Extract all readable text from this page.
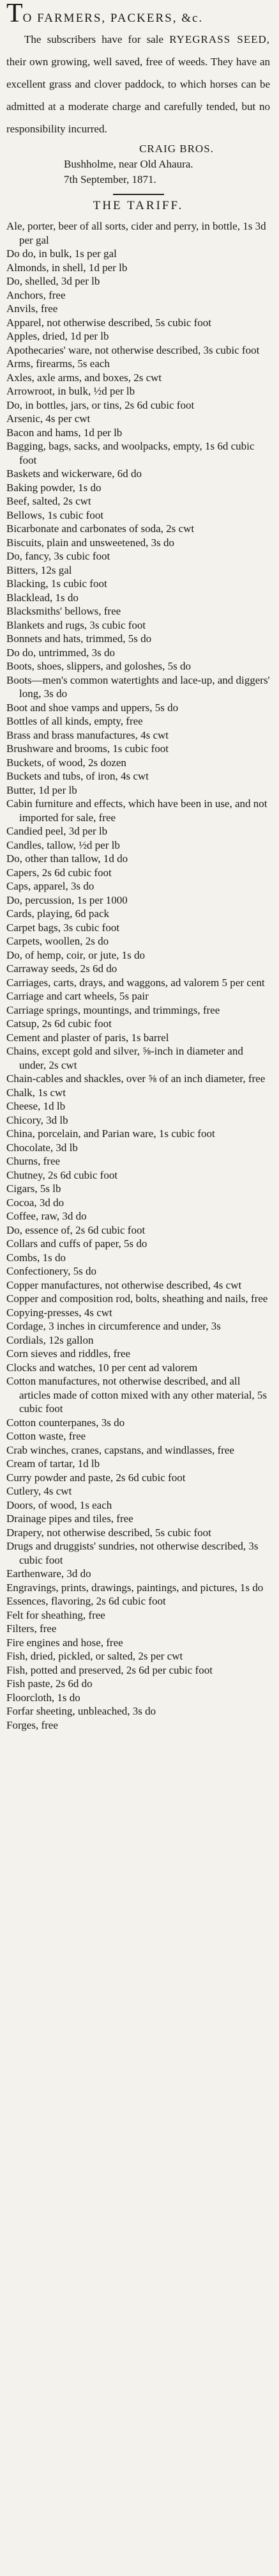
TO FARMERS, PACKERS, &c.

The subscribers have for sale RYEGRASS SEED, their own growing, well saved, free of weeds. They have an excellent grass and clover paddock, to which horses can be admitted at a moderate charge and carefully tended, but no responsibility incurred.

CRAIG BROS.
Bushholme, near Old Ahaura.
7th September, 1871.
THE TARIFF.
Ale, porter, beer of all sorts, cider and perry, in bottle, 1s 3d per gal
Do do, in bulk, 1s per gal
Almonds, in shell, 1d per lb
Do, shelled, 3d per lb
Anchors, free
Anvils, free
Apparel, not otherwise described, 5s cubic foot
Apples, dried, 1d per lb
Apothecaries' ware, not otherwise described, 3s cubic foot
Arms, firearms, 5s each
Axles, axle arms, and boxes, 2s cwt
Arrowroot, in bulk, ½d per lb
Do, in bottles, jars, or tins, 2s 6d cubic foot
Arsenic, 4s per cwt
Bacon and hams, 1d per lb
Bagging, bags, sacks, and woolpacks, empty, 1s 6d cubic foot
Baskets and wickerware, 6d do
Baking powder, 1s do
Beef, salted, 2s cwt
Bellows, 1s cubic foot
Bicarbonate and carbonates of soda, 2s cwt
Biscuits, plain and unsweetened, 3s do
Do, fancy, 3s cubic foot
Bitters, 12s gal
Blacking, 1s cubic foot
Blacklead, 1s do
Blacksmiths' bellows, free
Blankets and rugs, 3s cubic foot
Bonnets and hats, trimmed, 5s do
Do do, untrimmed, 3s do
Boots, shoes, slippers, and goloshes, 5s do
Boots—men's common watertights and lace-up, and diggers' long, 3s do
Boot and shoe vamps and uppers, 5s do
Bottles of all kinds, empty, free
Brass and brass manufactures, 4s cwt
Brushware and brooms, 1s cubic foot
Buckets, of wood, 2s dozen
Buckets and tubs, of iron, 4s cwt
Butter, 1d per lb
Cabin furniture and effects, which have been in use, and not imported for sale, free
Candied peel, 3d per lb
Candles, tallow, ½d per lb
Do, other than tallow, 1d do
Capers, 2s 6d cubic foot
Caps, apparel, 3s do
Do, percussion, 1s per 1000
Cards, playing, 6d pack
Carpet bags, 3s cubic foot
Carpets, woollen, 2s do
Do, of hemp, coir, or jute, 1s do
Carraway seeds, 2s 6d do
Carriages, carts, drays, and waggons, ad valorem 5 per cent
Carriage and cart wheels, 5s pair
Carriage springs, mountings, and trimmings, free
Catsup, 2s 6d cubic foot
Cement and plaster of paris, 1s barrel
Chains, except gold and silver, ⅝-inch in diameter and under, 2s cwt
Chain-cables and shackles, over ⅝ of an inch diameter, free
Chalk, 1s cwt
Cheese, 1d lb
Chicory, 3d lb
China, porcelain, and Parian ware, 1s cubic foot
Chocolate, 3d lb
Churns, free
Chutney, 2s 6d cubic foot
Cigars, 5s lb
Cocoa, 3d do
Coffee, raw, 3d do
Do, essence of, 2s 6d cubic foot
Collars and cuffs of paper, 5s do
Combs, 1s do
Confectionery, 5s do
Copper manufactures, not otherwise described, 4s cwt
Copper and composition rod, bolts, sheathing and nails, free
Copying-presses, 4s cwt
Cordage, 3 inches in circumference and under, 3s
Cordials, 12s gallon
Corn sieves and riddles, free
Clocks and watches, 10 per cent ad valorem
Cotton manufactures, not otherwise described, and all articles made of cotton mixed with any other material, 5s cubic foot
Cotton counterpanes, 3s do
Cotton waste, free
Crab winches, cranes, capstans, and windlasses, free
Cream of tartar, 1d lb
Curry powder and paste, 2s 6d cubic foot
Cutlery, 4s cwt
Doors, of wood, 1s each
Drainage pipes and tiles, free
Drapery, not otherwise described, 5s cubic foot
Drugs and druggists' sundries, not otherwise described, 3s cubic foot
Earthenware, 3d do
Engravings, prints, drawings, paintings, and pictures, 1s do
Essences, flavoring, 2s 6d cubic foot
Felt for sheathing, free
Filters, free
Fire engines and hose, free
Fish, dried, pickled, or salted, 2s per cwt
Fish, potted and preserved, 2s 6d per cubic foot
Fish paste, 2s 6d do
Floorcloth, 1s do
Forfar sheeting, unbleached, 3s do
Forges, free
